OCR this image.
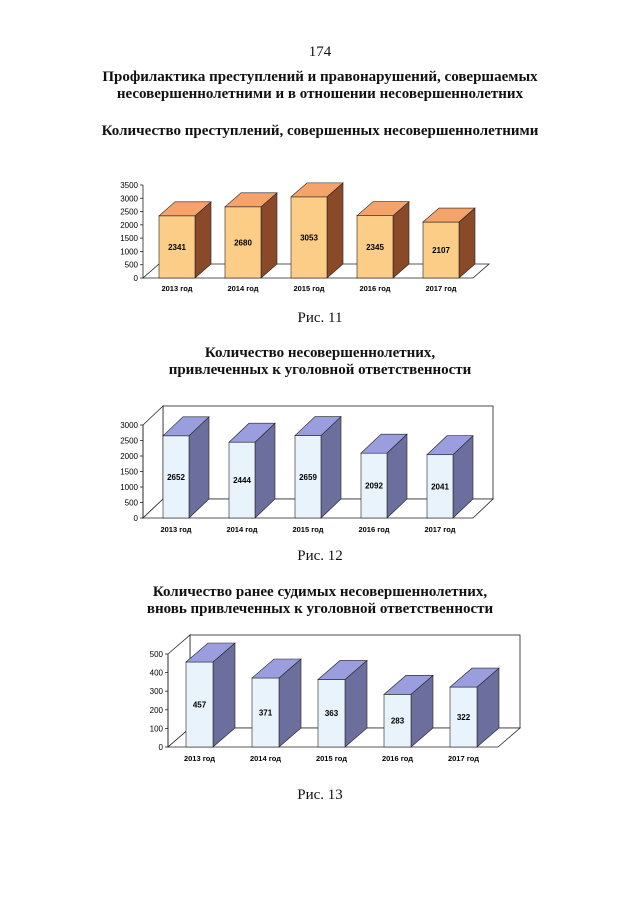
174
Профилактика преступлений и правонарушений, совершаемых
несовершеннолетними и в отношении несовершеннолетних
Количество преступлений, совершенных несовершеннолетними
0
500
1000
1500
2000
2500
3000
3500
2341
2013 год
2680
2014 год
3053
2015 год
2345
2016 год
2107
2017 год
Рис. 11
Количество несовершеннолетних,
привлеченных к уголовной ответственности
0
500
1000
1500
2000
2500
3000
2652
2013 год
2444
2014 год
2659
2015 год
2092
2016 год
2041
2017 год
Рис. 12
Количество ранее судимых несовершеннолетних,
вновь привлеченных к уголовной ответственности
0
100
200
300
400
500
457
2013 год
371
2014 год
363
2015 год
283
2016 год
322
2017 год
Рис. 13
